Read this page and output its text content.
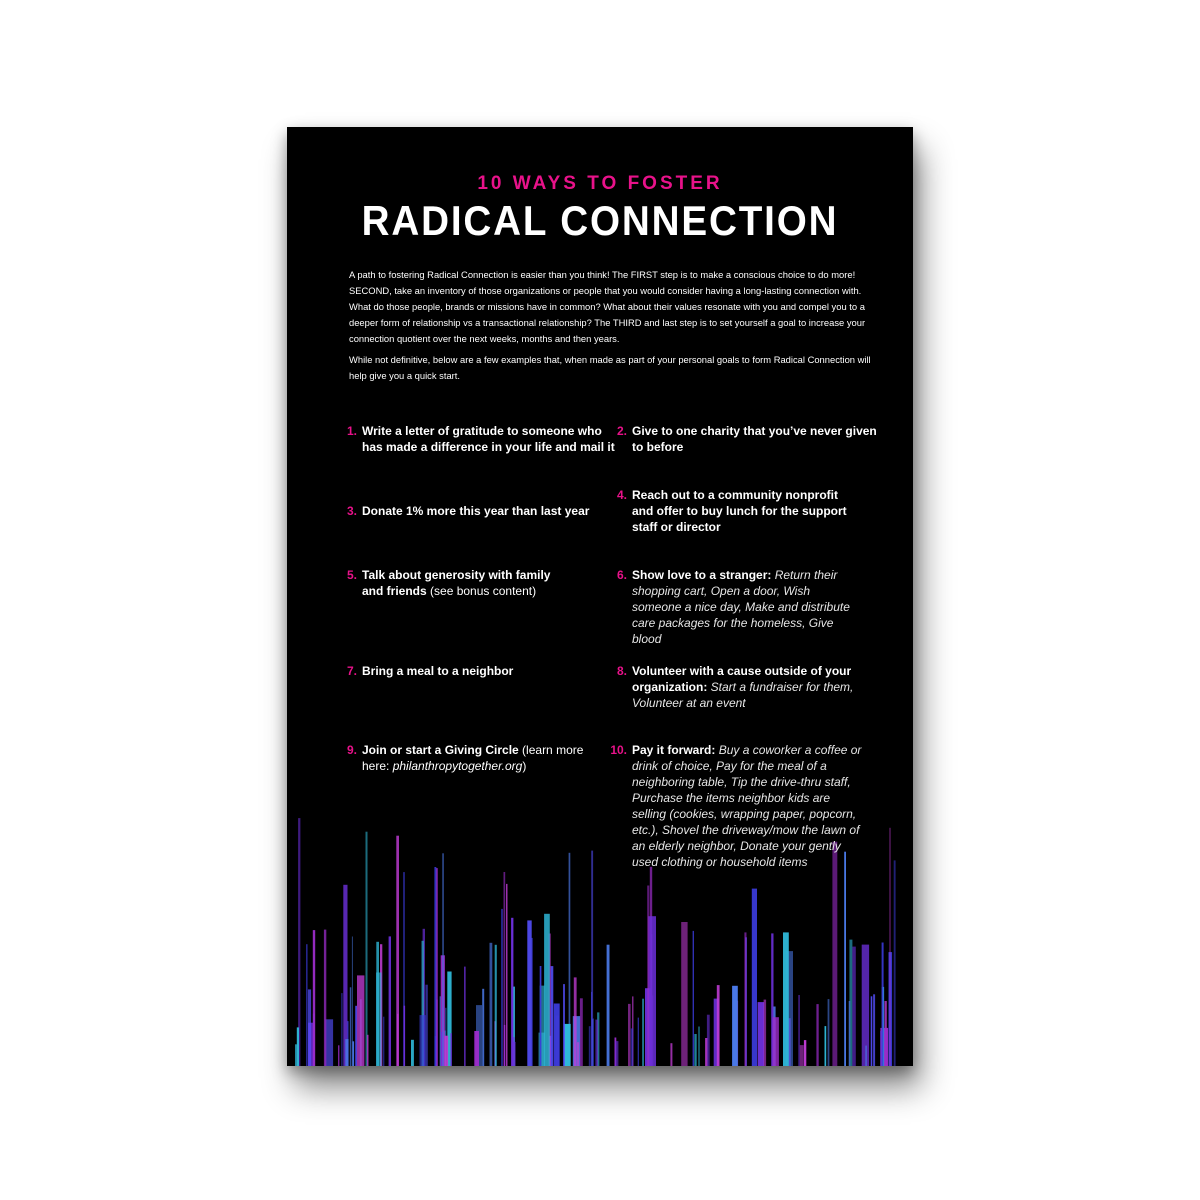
10 WAYS TO FOSTER
RADICAL CONNECTION

A path to fostering Radical Connection is easier than you think! The FIRST step is to make a conscious choice to do more! SECOND, take an inventory of those organizations or people that you would consider having a long-lasting connection with. What do those people, brands or missions have in common? What about their values resonate with you and compel you to a deeper form of relationship vs a transactional relationship? The THIRD and last step is to set yourself a goal to increase your connection quotient over the next weeks, months and then years.

While not definitive, below are a few examples that, when made as part of your personal goals to form Radical Connection will help give you a quick start.

1. Write a letter of gratitude to someone who has made a difference in your life and mail it
2. Give to one charity that you’ve never given to before
3. Donate 1% more this year than last year
4. Reach out to a community nonprofit and offer to buy lunch for the support staff or director
5. Talk about generosity with family and friends (see bonus content)
6. Show love to a stranger: Return their shopping cart, Open a door, Wish someone a nice day, Make and distribute care packages for the homeless, Give blood
7. Bring a meal to a neighbor	8. Volunteer with a cause outside of your organization: Start a fundraiser for them, Volunteer at an event
9. Join or start a Giving Circle (learn more here: philanthropytogether.org)
10. Pay it forward: Buy a coworker a coffee or drink of choice, Pay for the meal of a neighboring table, Tip the drive-thru staff, Purchase the items neighbor kids are selling (cookies, wrapping paper, popcorn, etc.), Shovel the driveway/mow the lawn of an elderly neighbor, Donate your gently used clothing or household items
